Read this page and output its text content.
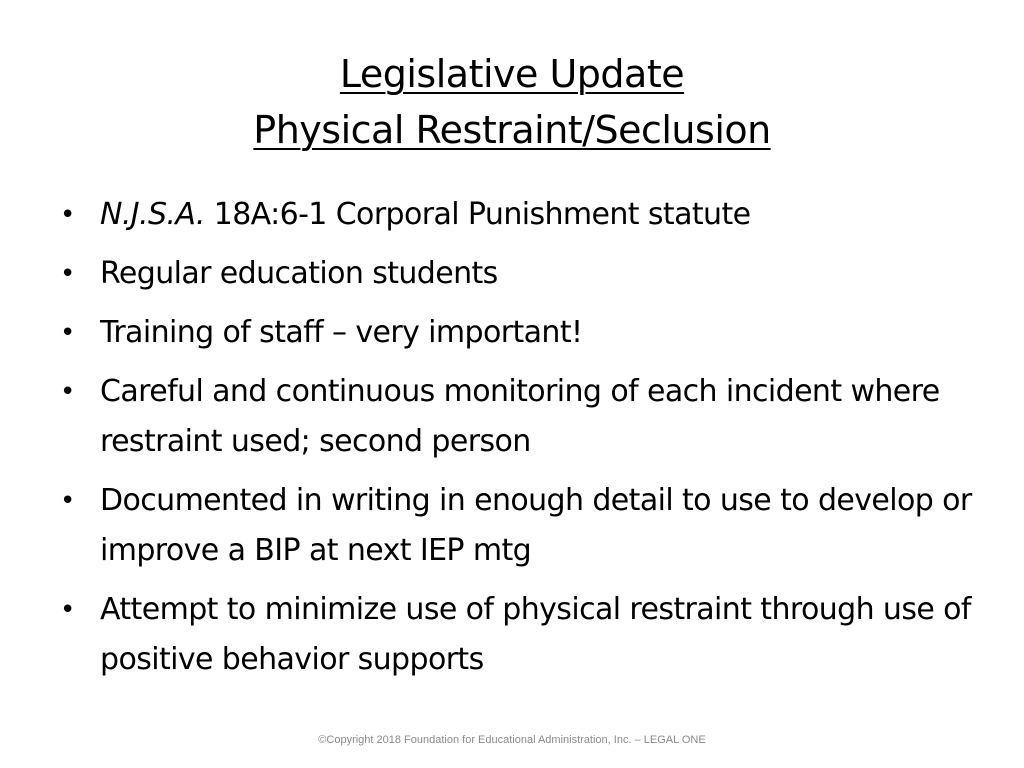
Legislative Update
Physical Restraint/Seclusion
• N.J.S.A. 18A:6-1 Corporal Punishment statute
• Regular education students
• Training of staff – very important!
• Careful and continuous monitoring of each incident where restraint used; second person
• Documented in writing in enough detail to use to develop or improve a BIP at next IEP mtg
• Attempt to minimize use of physical restraint through use of positive behavior supports
©Copyright 2018 Foundation for Educational Administration, Inc. – LEGAL ONE
